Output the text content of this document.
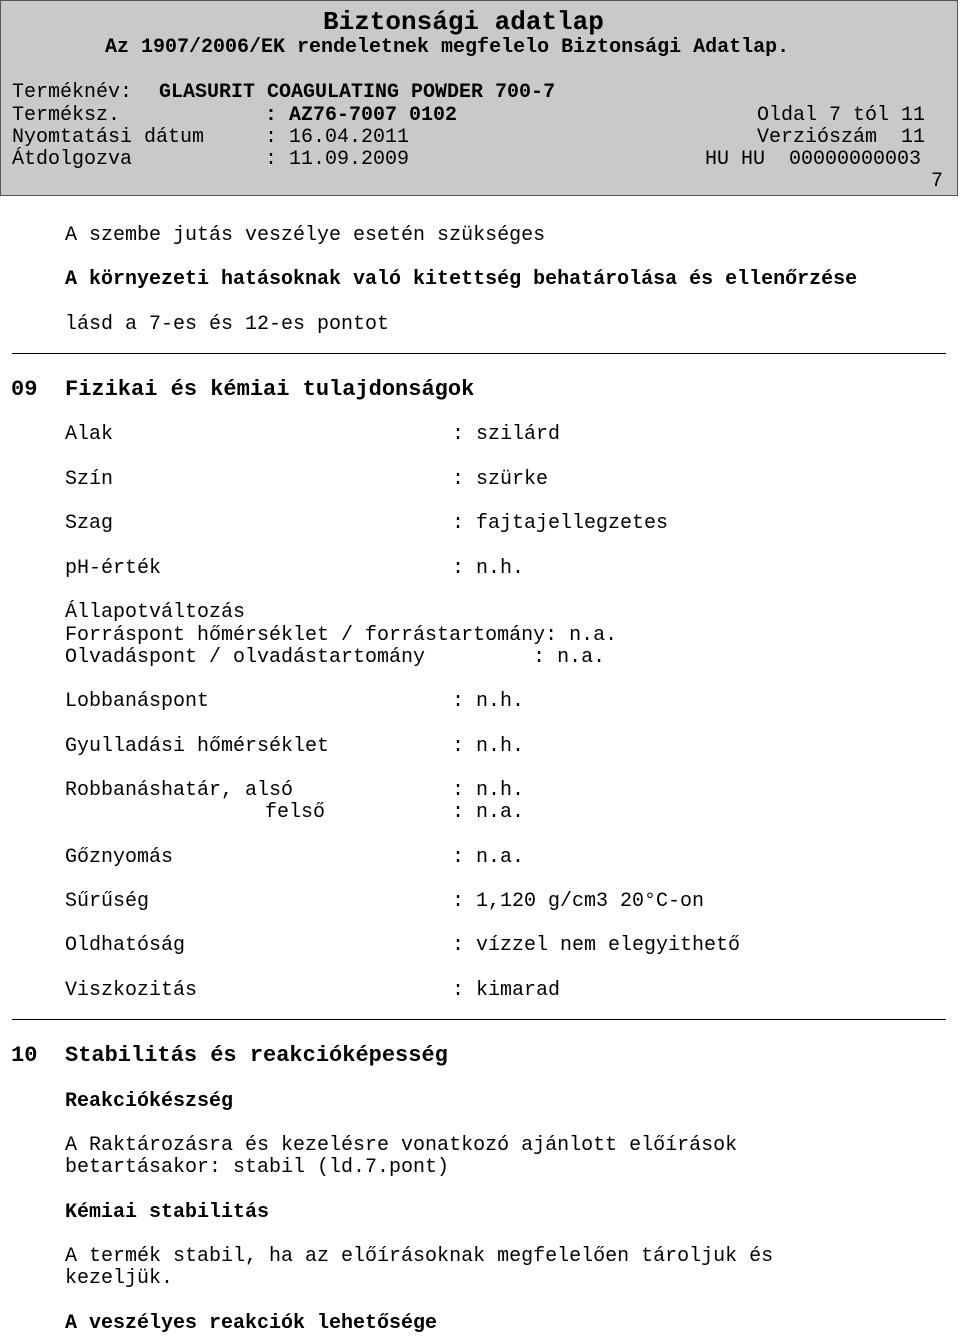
Biztonsági adatlap
Az 1907/2006/EK rendeletnek megfelelo Biztonsági Adatlap.
Terméknév: GLASURIT COAGULATING POWDER 700-7
Terméksz.	: AZ76-7007 0102	Oldal 7 tól 11
Nyomtatási dátum	: 16.04.2011	Verziószám  11
Átdolgozva	: 11.09.2009	HU HU  00000000003
7
A szembe jutás veszélye esetén szükséges
A környezeti hatásoknak való kitettség behatárolása és ellenőrzése
lásd a 7-es és 12-es pontot
09 Fizikai és kémiai tulajdonságok
Alak	: szilárd
Szín	: szürke
Szag	: fajtajellegzetes
pH-érték	: n.h.
Állapotváltozás
Forráspont hőmérséklet / forrástartomány: n.a.
Olvadáspont / olvadástartomány         : n.a.
Lobbanáspont	: n.h.
Gyulladási hőmérséklet	: n.h.
Robbanáshatár, alsó	: n.h.
felső	: n.a.
Gőznyomás	: n.a.
Sűrűség	: 1,120 g/cm3 20°C-on
Oldhatóság	: vízzel nem elegyithető
Viszkozitás	: kimarad
10 Stabilitás és reakcióképesség
Reakciókészség
A Raktározásra és kezelésre vonatkozó ajánlott előírások
betartásakor: stabil (ld.7.pont)
Kémiai stabilitás
A termék stabil, ha az előírásoknak megfelelően tároljuk és
kezeljük.
A veszélyes reakciók lehetősége
